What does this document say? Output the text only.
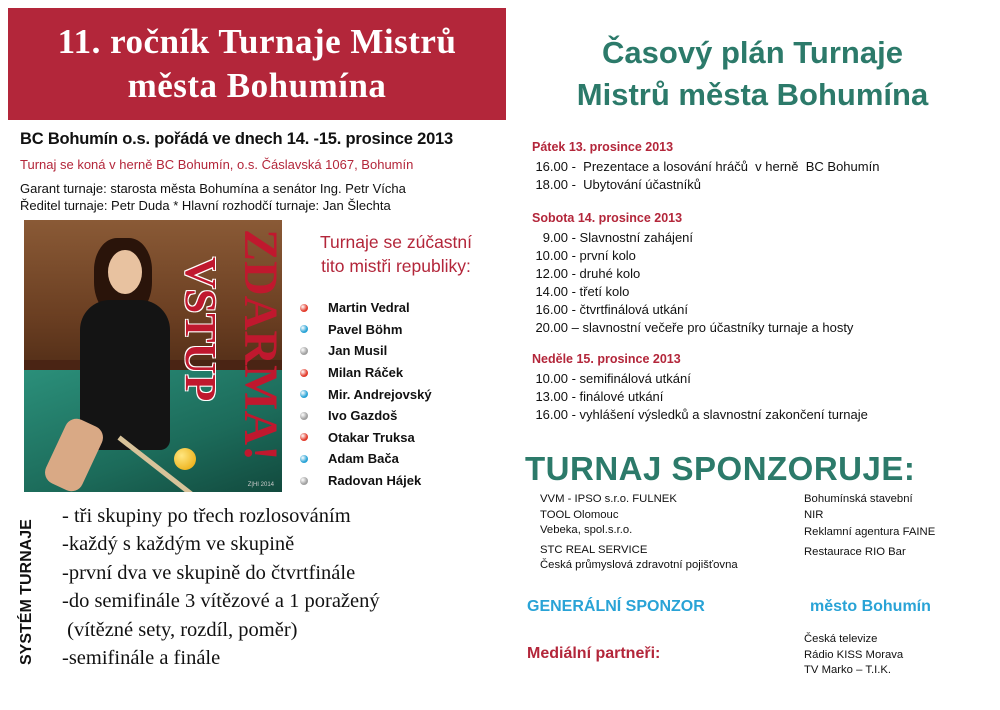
11. ročník Turnaje Mistrů
města Bohumína
BC Bohumín o.s. pořádá ve dnech 14. -15. prosince 2013
Turnaj se koná v herně BC Bohumín, o.s. Čáslavská 1067, Bohumín
Garant turnaje: starosta města Bohumína a senátor Ing. Petr Vícha
Ředitel turnaje: Petr Duda * Hlavní rozhodčí turnaje: Jan Šlechta
Z|HI 2014
VSTUP ZDARMA!	Turnaje se zúčastní
tito mistři republiky:
Martin Vedral
Pavel Böhm
Jan Musil
Milan Ráček
Mir. Andrejovský
Ivo Gazdoš
Otakar Truksa
Adam Bača
Radovan Hájek
SYSTÉM TURNAJE
- tři skupiny po třech rozlosováním
-každý s každým ve skupině
-první dva ve skupině do čtvrtfinále
-do semifinále 3 vítězové a 1 poražený
(vítězné sety, rozdíl, poměr)
-semifinále a finále
Časový plán Turnaje
Mistrů města Bohumína
Pátek 13. prosince 2013
16.00 -  Prezentace a losování hráčů  v herně  BC Bohumín
18.00 -  Ubytování účastníků
Sobota 14. prosince 2013
9.00 - Slavnostní zahájení
10.00 - první kolo
12.00 - druhé kolo
14.00 - třetí kolo
16.00 - čtvrtfinálová utkání
20.00 – slavnostní večeře pro účastníky turnaje a hosty
Neděle 15. prosince 2013
10.00 - semifinálová utkání
13.00 - finálové utkání
16.00 - vyhlášení výsledků a slavnostní zakončení turnaje
TURNAJ SPONZORUJE:
VVM - IPSO s.r.o. FULNEK
TOOL Olomouc
Vebeka, spol.s.r.o.
STC REAL SERVICE
Česká průmyslová zdravotní pojišťovna
Bohumínská stavební
NIR
Reklamní agentura FAINE
Restaurace RIO Bar
GENERÁLNÍ SPONZOR	město Bohumín
Mediální partneři:
Česká televize
Rádio KISS Morava
TV Marko – T.I.K.
